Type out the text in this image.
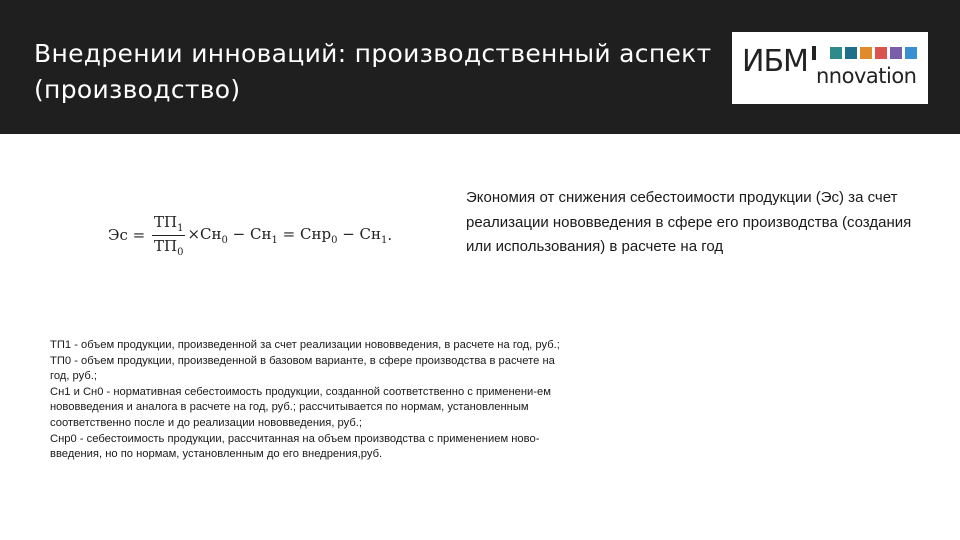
Внедрении инноваций: производственный аспект (производство)
ИБМ nnovation
Эс = $\frac{ТП_1}{ТП_0} \times Сн_0 - Сн_1 = Снр_0 - Сн_1$ .
Экономия от снижения себестоимости продукции (Эс) за счет реализации нововведения в сфере его производства (создания или использования) в расчете на год
ТП1 - объем продукции, произведенной за счет реализации нововведения, в расчете на год, руб.;
ТП0 - объем продукции, произведенной в базовом варианте, в сфере производства в расчете на год, руб.;
Сн1 и Сн0 - нормативная себестоимость продукции, созданной соответственно с применени-ем нововведения и аналога в расчете на год, руб.; рассчитывается по нормам, установленным соответственно после и до реализации нововведения, руб.;
Снр0 - себестоимость продукции, рассчитанная на объем производства с применением ново-введения, но по нормам, установленным до его внедрения,руб.
